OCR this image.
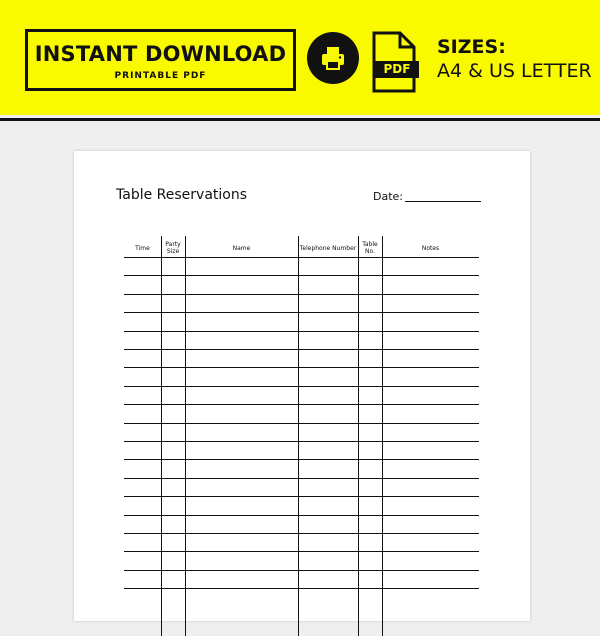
INSTANT DOWNLOAD
PRINTABLE PDF	PDF
SIZES:
A4 & US LETTER
Table Reservations	Date:
Time	Party Size	Name	Telephone Number	Table No.	Notes
